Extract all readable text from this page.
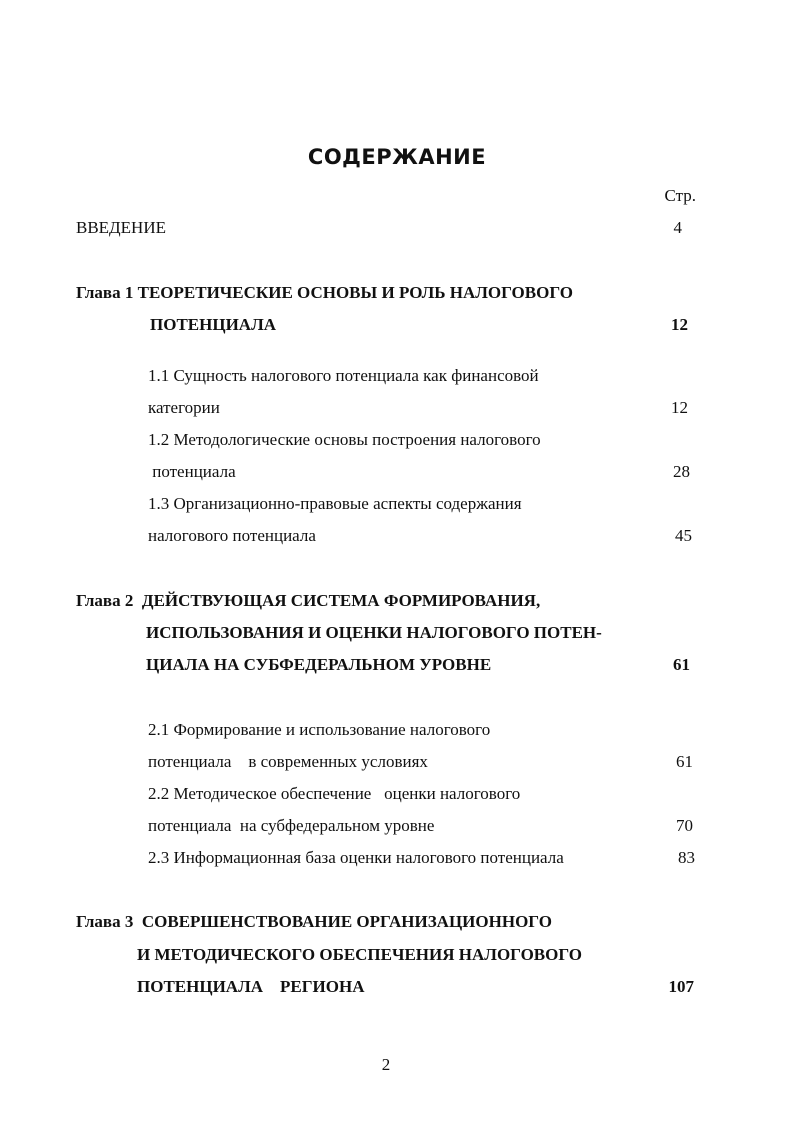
СОДЕРЖАНИЕ
Стр.
ВВЕДЕНИЕ	4
Глава 1 ТЕОРЕТИЧЕСКИЕ ОСНОВЫ И РОЛЬ НАЛОГОВОГО
ПОТЕНЦИАЛА	12
1.1 Сущность налогового потенциала как финансовой
категории	12
1.2 Методологические основы построения налогового
потенциала	28
1.3 Организационно-правовые аспекты содержания
налогового потенциала	45
Глава 2  ДЕЙСТВУЮЩАЯ СИСТЕМА ФОРМИРОВАНИЯ,
ИСПОЛЬЗОВАНИЯ И ОЦЕНКИ НАЛОГОВОГО ПОТЕН-
ЦИАЛА НА СУБФЕДЕРАЛЬНОМ УРОВНЕ	61
2.1 Формирование и использование налогового
потенциала    в современных условиях	61
2.2 Методическое обеспечение   оценки налогового
потенциала  на субфедеральном уровне	70
2.3 Информационная база оценки налогового потенциала	83
Глава 3  СОВЕРШЕНСТВОВАНИЕ ОРГАНИЗАЦИОННОГО
И МЕТОДИЧЕСКОГО ОБЕСПЕЧЕНИЯ НАЛОГОВОГО
ПОТЕНЦИАЛА    РЕГИОНА	107
2
